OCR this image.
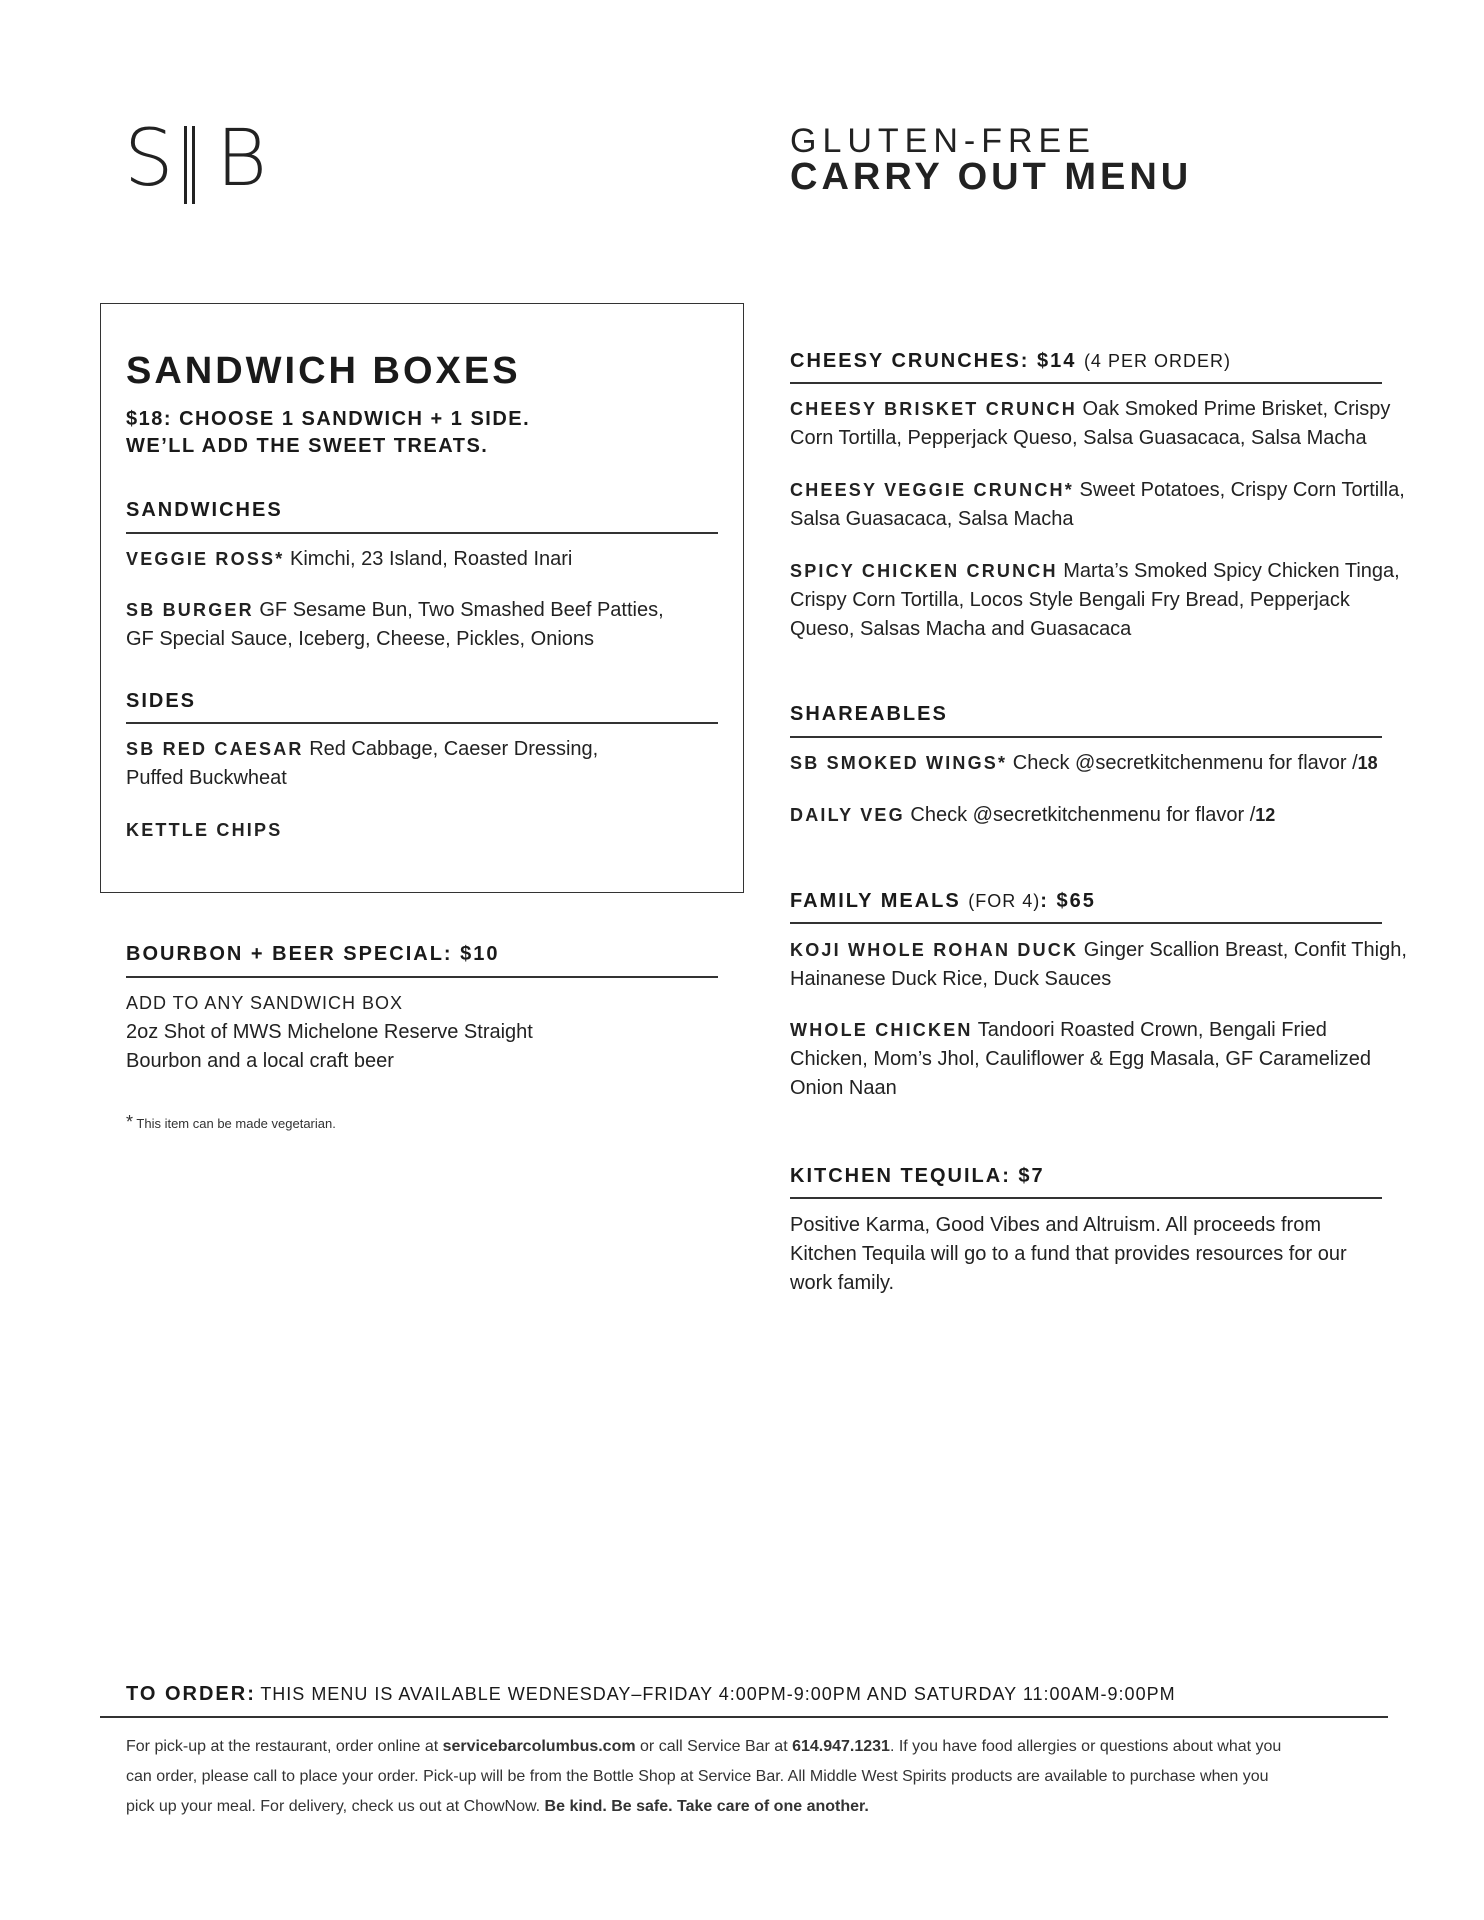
S B	GLUTEN-FREE
CARRY OUT MENU
SANDWICH BOXES
$18: CHOOSE 1 SANDWICH + 1 SIDE.
WE’LL ADD THE SWEET TREATS.
SANDWICHES
VEGGIE ROSS* Kimchi, 23 Island, Roasted Inari
SB BURGER GF Sesame Bun, Two Smashed Beef Patties,
GF Special Sauce, Iceberg, Cheese, Pickles, Onions
SIDES
SB RED CAESAR Red Cabbage, Caeser Dressing,
Puffed Buckwheat
KETTLE CHIPS
BOURBON + BEER SPECIAL: $10
ADD TO ANY SANDWICH BOX
2oz Shot of MWS Michelone Reserve Straight
Bourbon and a local craft beer
* This item can be made vegetarian.
CHEESY CRUNCHES: $14 (4 PER ORDER)
CHEESY BRISKET CRUNCH Oak Smoked Prime Brisket, Crispy
Corn Tortilla, Pepperjack Queso, Salsa Guasacaca, Salsa Macha
CHEESY VEGGIE CRUNCH* Sweet Potatoes, Crispy Corn Tortilla,
Salsa Guasacaca, Salsa Macha
SPICY CHICKEN CRUNCH Marta’s Smoked Spicy Chicken Tinga,
Crispy Corn Tortilla, Locos Style Bengali Fry Bread, Pepperjack
Queso, Salsas Macha and Guasacaca
SHAREABLES
SB SMOKED WINGS* Check @secretkitchenmenu for flavor /18
DAILY VEG Check @secretkitchenmenu for flavor /12
FAMILY MEALS (FOR 4): $65
KOJI WHOLE ROHAN DUCK Ginger Scallion Breast, Confit Thigh,
Hainanese Duck Rice, Duck Sauces
WHOLE CHICKEN Tandoori Roasted Crown, Bengali Fried
Chicken, Mom’s Jhol, Cauliflower & Egg Masala, GF Caramelized
Onion Naan
KITCHEN TEQUILA: $7
Positive Karma, Good Vibes and Altruism. All proceeds from
Kitchen Tequila will go to a fund that provides resources for our
work family.
TO ORDER: THIS MENU IS AVAILABLE WEDNESDAY–FRIDAY 4:00PM-9:00PM AND SATURDAY 11:00AM-9:00PM
For pick-up at the restaurant, order online at servicebarcolumbus.com or call Service Bar at 614.947.1231. If you have food allergies or questions about what you
can order, please call to place your order. Pick-up will be from the Bottle Shop at Service Bar. All Middle West Spirits products are available to purchase when you
pick up your meal. For delivery, check us out at ChowNow. Be kind. Be safe. Take care of one another.
